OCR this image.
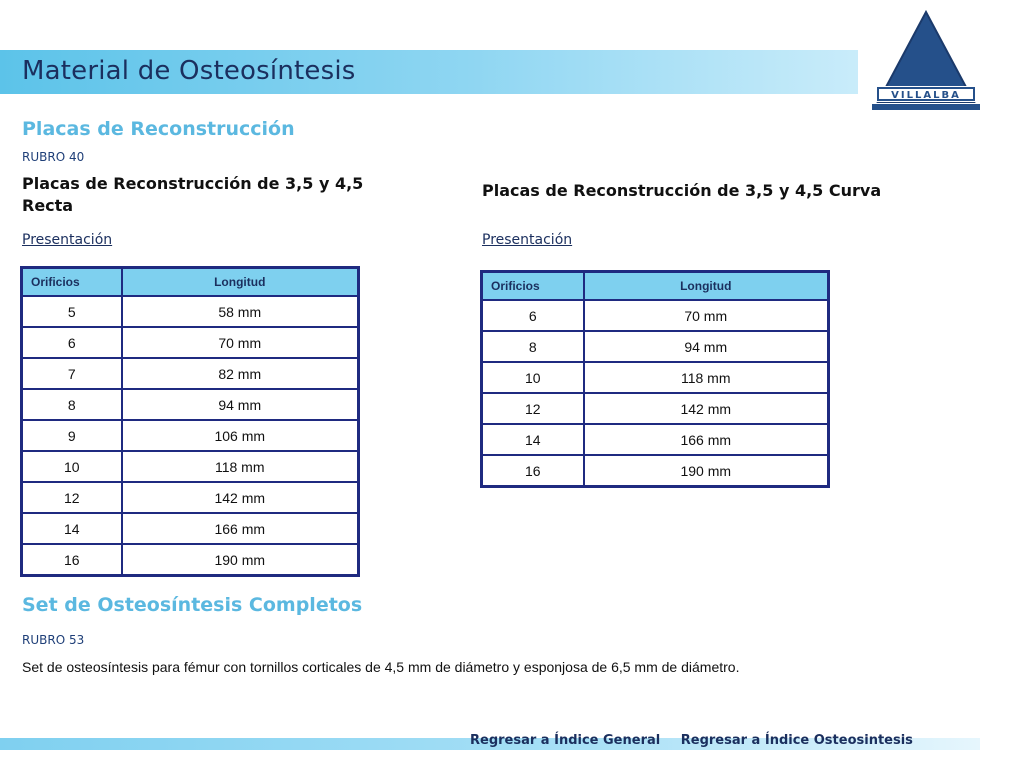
Material de Osteosíntesis
VILLALBA
Placas de Reconstrucción
RUBRO 40
Placas de Reconstrucción de 3,5 y 4,5
Recta
Placas de Reconstrucción de 3,5 y 4,5 Curva
Presentación	Presentación
Orificios	Longitud
5	58 mm
6	70 mm
7	82 mm
8	94 mm
9	106 mm
10	118 mm
12	142 mm
14	166 mm
16	190 mm
Orificios	Longitud
6	70 mm
8	94 mm
10	118 mm
12	142 mm
14	166 mm
16	190 mm
Set de Osteosíntesis Completos
RUBRO 53
Set de osteosíntesis para fémur con tornillos corticales de 4,5 mm de diámetro y esponjosa de 6,5 mm de diámetro.
Regresar a Índice General Regresar a Índice Osteosintesis
